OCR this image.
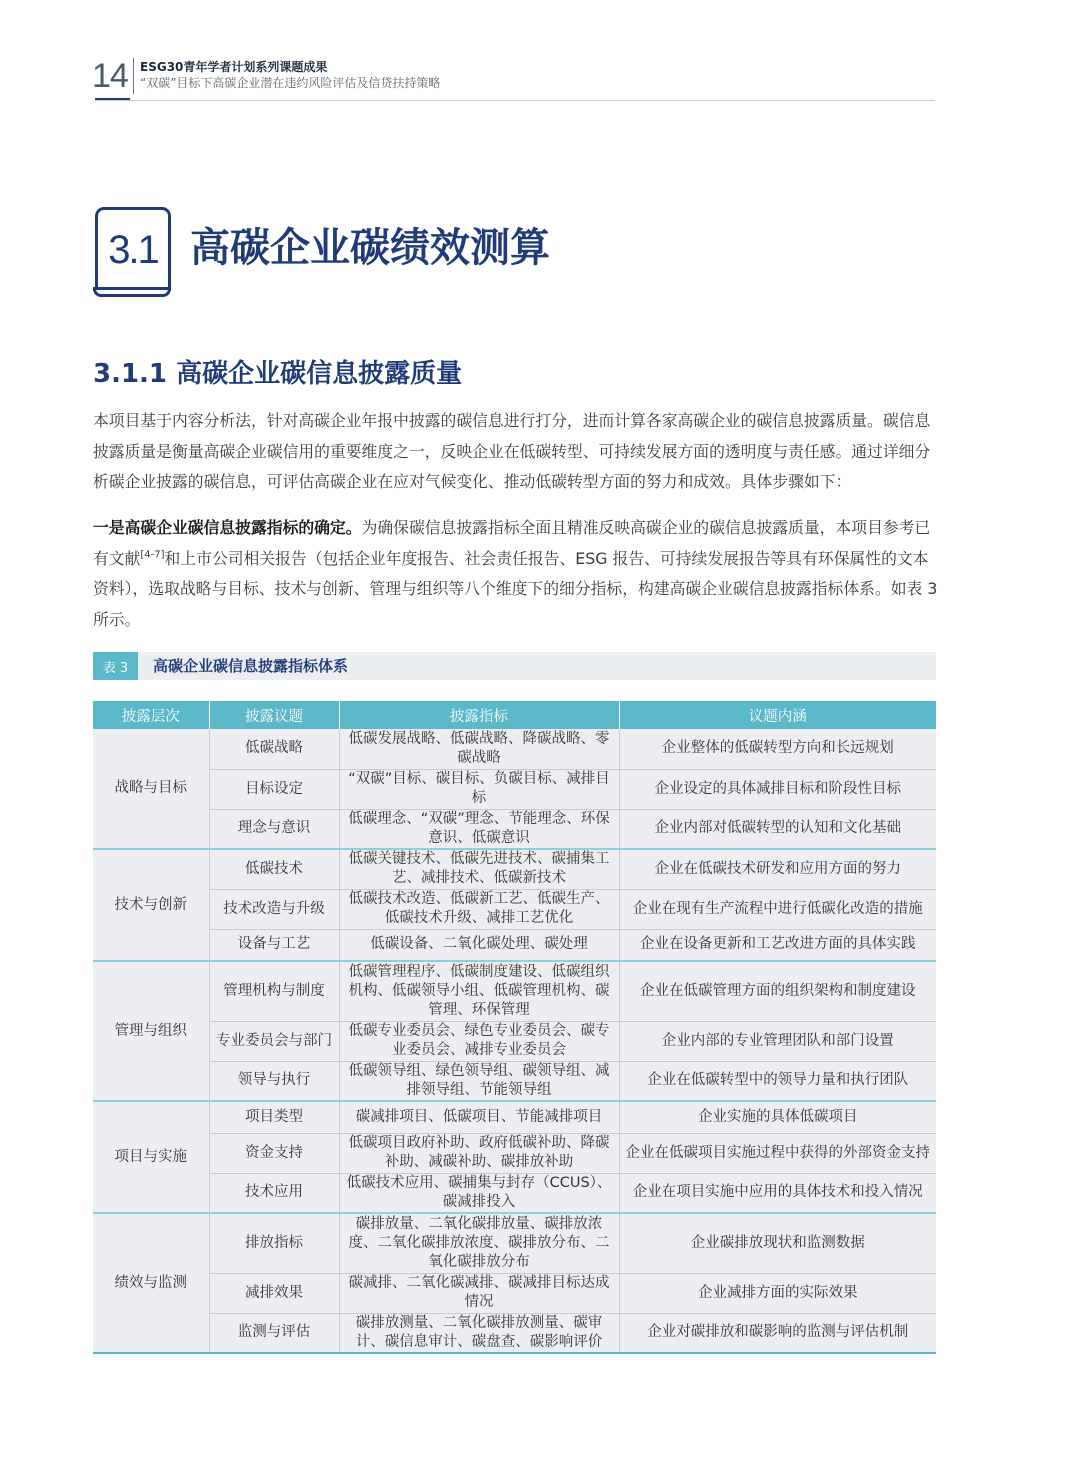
14 ESG30青年学者计划系列课题成果
“双碳”目标下高碳企业潜在违约风险评估及信贷扶持策略
3.1 高碳企业碳绩效测算
3.1.1 高碳企业碳信息披露质量

本项目基于内容分析法，针对高碳企业年报中披露的碳信息进行打分，进而计算各家高碳企业的碳信息披露质量。碳信息披露质量是衡量高碳企业碳信用的重要维度之一，反映企业在低碳转型、可持续发展方面的透明度与责任感。通过详细分析碳企业披露的碳信息，可评估高碳企业在应对气候变化、推动低碳转型方面的努力和成效。具体步骤如下：

一是高碳企业碳信息披露指标的确定。为确保碳信息披露指标全面且精准反映高碳企业的碳信息披露质量，本项目参考已有文献[4-7]和上市公司相关报告（包括企业年度报告、社会责任报告、ESG 报告、可持续发展报告等具有环保属性的文本资料），选取战略与目标、技术与创新、管理与组织等八个维度下的细分指标，构建高碳企业碳信息披露指标体系。如表 3 所示。

表 3	高碳企业碳信息披露指标体系
披露层次	披露议题	披露指标	议题内涵
战略与目标	低碳战略	低碳发展战略、低碳战略、降碳战略、零碳战略	企业整体的低碳转型方向和长远规划
	目标设定	“双碳”目标、碳目标、负碳目标、减排目标	企业设定的具体减排目标和阶段性目标
	理念与意识	低碳理念、“双碳”理念、节能理念、环保意识、低碳意识	企业内部对低碳转型的认知和文化基础
技术与创新	低碳技术	低碳关键技术、低碳先进技术、碳捕集工艺、减排技术、低碳新技术	企业在低碳技术研发和应用方面的努力
	技术改造与升级	低碳技术改造、低碳新工艺、低碳生产、低碳技术升级、减排工艺优化	企业在现有生产流程中进行低碳化改造的措施
	设备与工艺	低碳设备、二氧化碳处理、碳处理	企业在设备更新和工艺改进方面的具体实践
管理与组织	管理机构与制度	低碳管理程序、低碳制度建设、低碳组织机构、低碳领导小组、低碳管理机构、碳管理、环保管理	企业在低碳管理方面的组织架构和制度建设
	专业委员会与部门	低碳专业委员会、绿色专业委员会、碳专业委员会、减排专业委员会	企业内部的专业管理团队和部门设置
	领导与执行	低碳领导组、绿色领导组、碳领导组、减排领导组、节能领导组	企业在低碳转型中的领导力量和执行团队
项目与实施	项目类型	碳减排项目、低碳项目、节能减排项目	企业实施的具体低碳项目
	资金支持	低碳项目政府补助、政府低碳补助、降碳补助、减碳补助、碳排放补助	企业在低碳项目实施过程中获得的外部资金支持
	技术应用	低碳技术应用、碳捕集与封存（CCUS）、碳减排投入	企业在项目实施中应用的具体技术和投入情况
绩效与监测	排放指标	碳排放量、二氧化碳排放量、碳排放浓度、二氧化碳排放浓度、碳排放分布、二氧化碳排放分布	企业碳排放现状和监测数据
	减排效果	碳减排、二氧化碳减排、碳减排目标达成情况	企业减排方面的实际效果
	监测与评估	碳排放测量、二氧化碳排放测量、碳审计、碳信息审计、碳盘查、碳影响评价	企业对碳排放和碳影响的监测与评估机制
